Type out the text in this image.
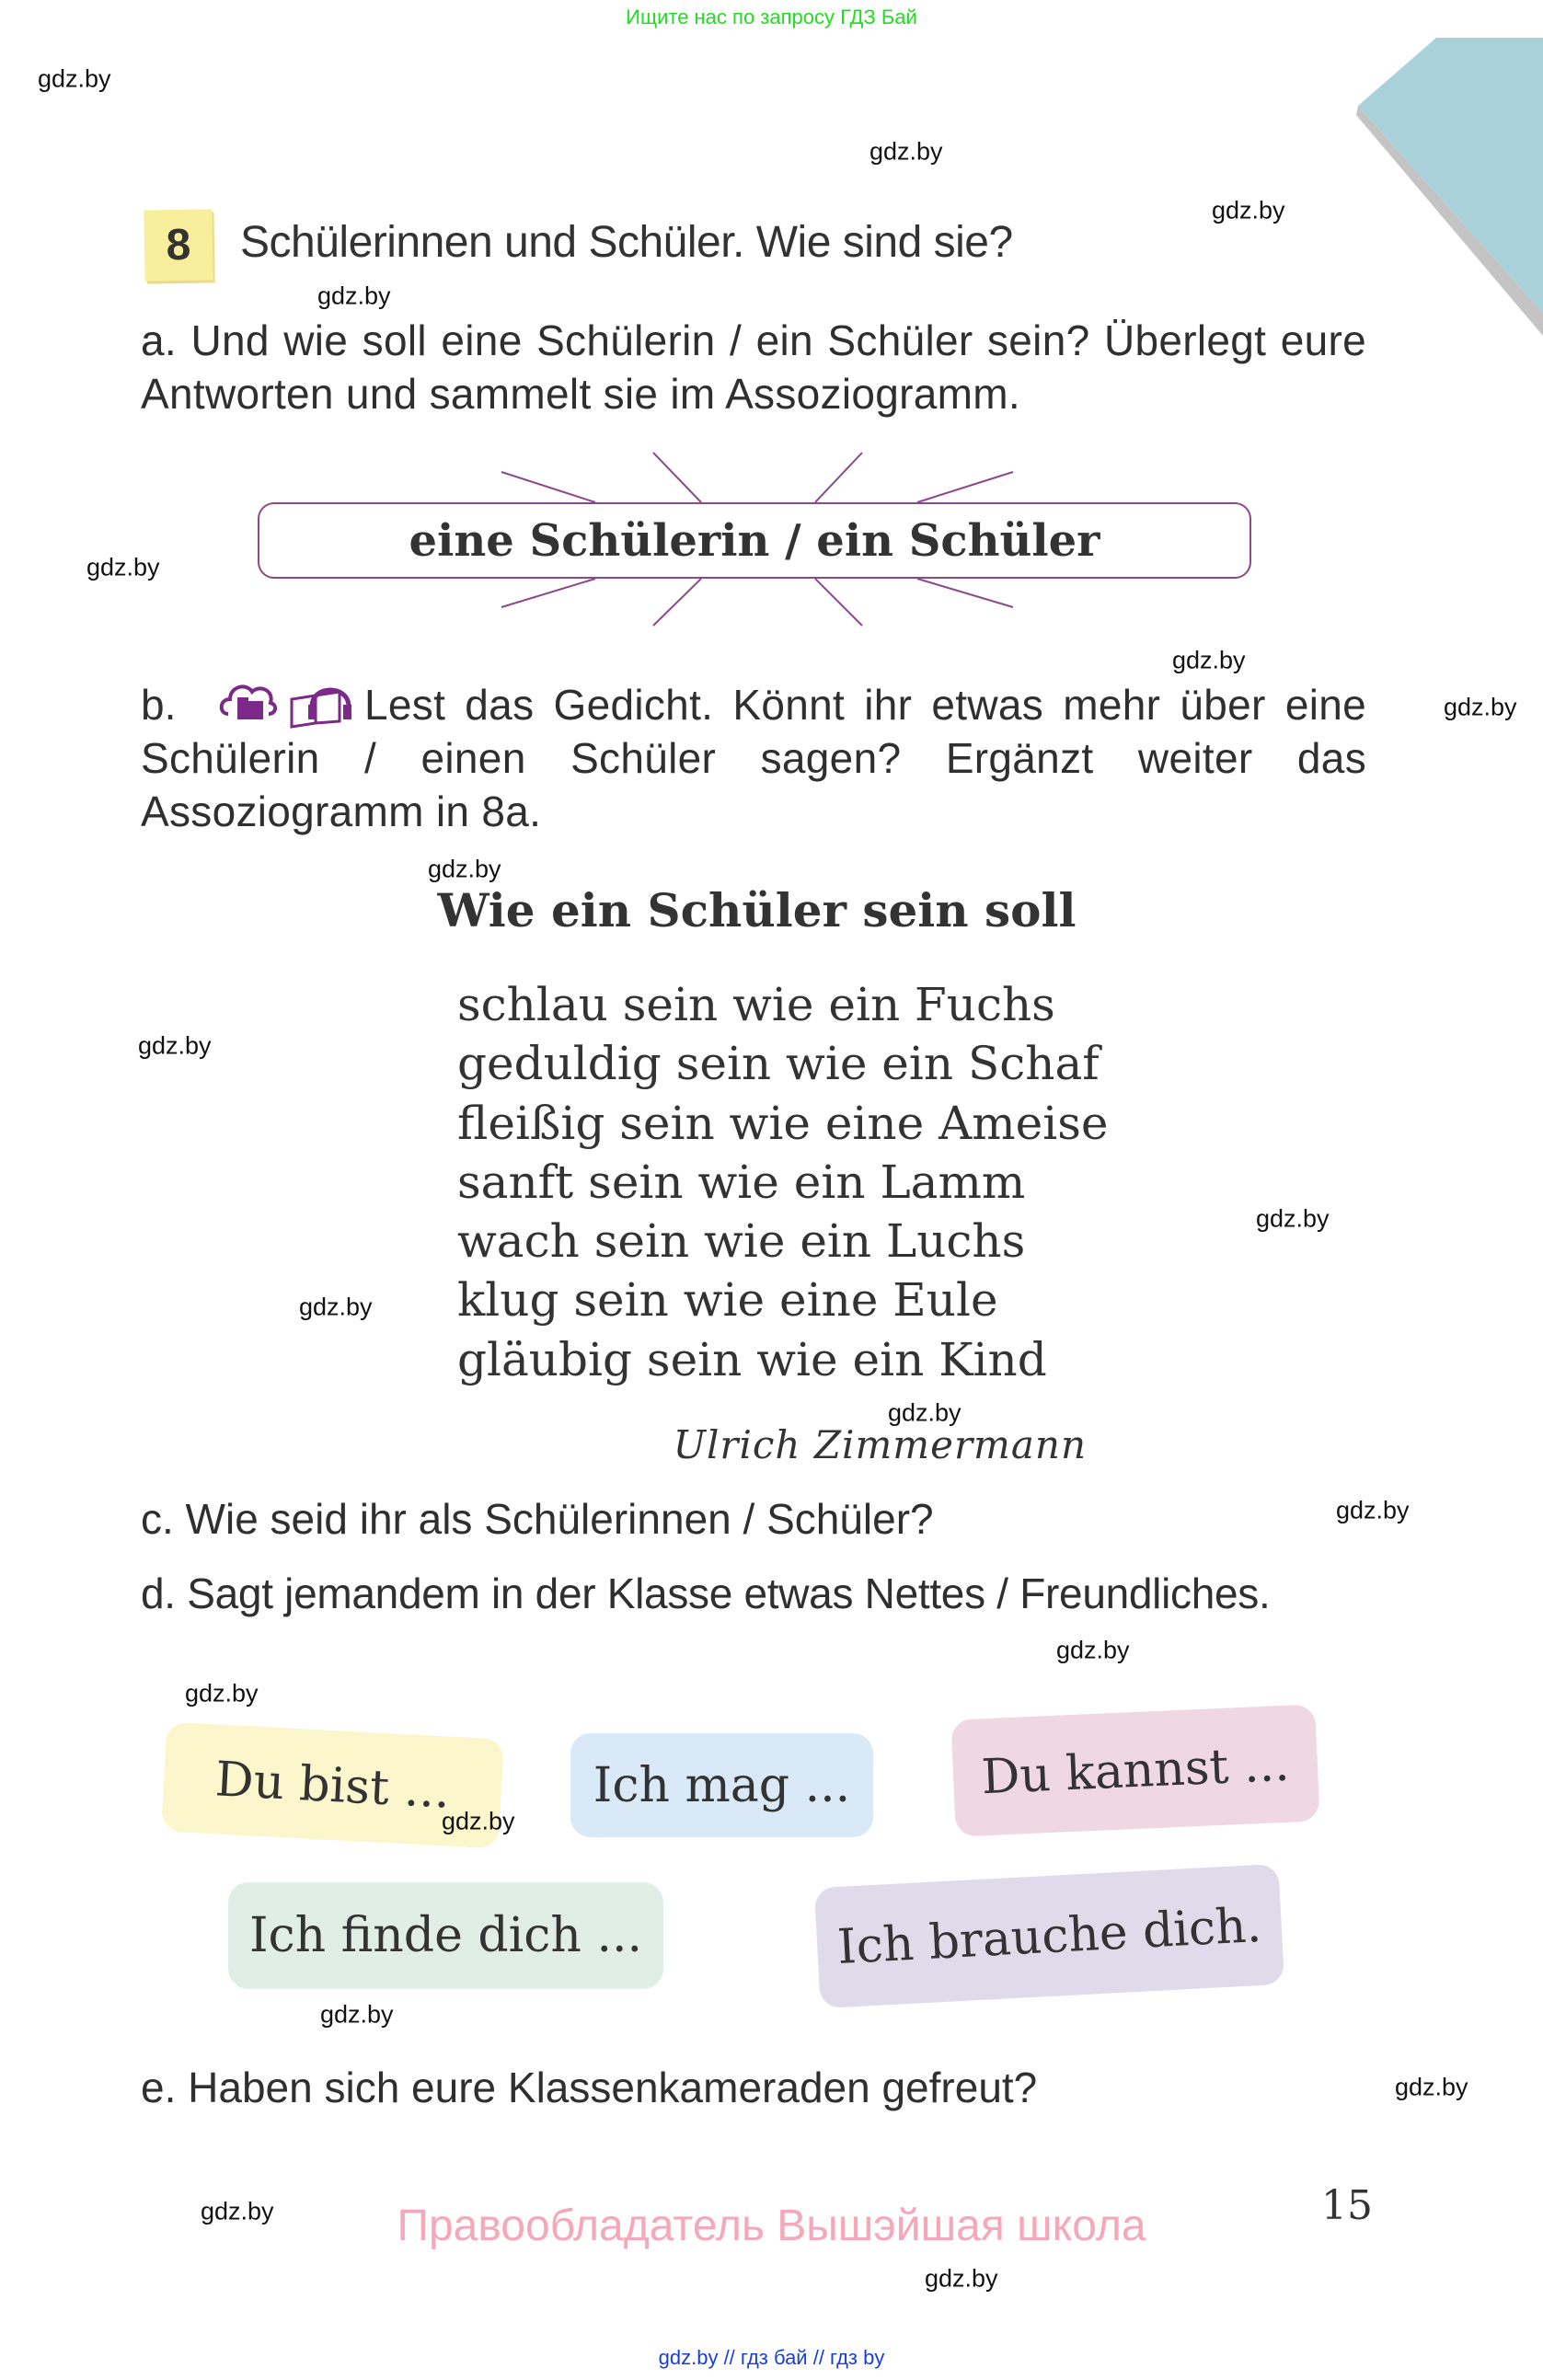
Ищите нас по запросу ГДЗ Бай
8	Schülerinnen und Schüler. Wie sind sie?
a. Und wie soll eine Schülerin / ein Schüler sein? Überlegt eure Antworten und sammelt sie im Assoziogramm.
eine Schülerin / ein Schüler
Lest das Gedicht. Könnt ihr etwas mehr über eine Schülerin / einen Schüler sagen? Ergänzt weiter das Assoziogramm in 8a.
b.
Wie ein Schüler sein soll
schlau sein wie ein Fuchs
geduldig sein wie ein Schaf
fleißig sein wie eine Ameise
sanft sein wie ein Lamm
wach sein wie ein Luchs
klug sein wie eine Eule
gläubig sein wie ein Kind
Ulrich Zimmermann
c. Wie seid ihr als Schülerinnen / Schüler?
d. Sagt jemandem in der Klasse etwas Nettes / Freundliches.
Du bist ...	Ich mag ...	Du kannst ...
Ich finde dich ...	Ich brauche dich.
e. Haben sich eure Klassenkameraden gefreut?
15
Правообладатель Вышэйшая школа
gdz.by // гдз бай // гдз by
gdz.by
gdz.by
gdz.by
gdz.by
gdz.by
gdz.by
gdz.by
gdz.by
gdz.by
gdz.by
gdz.by
gdz.by
gdz.by
gdz.by
gdz.by
gdz.by
gdz.by
gdz.by
gdz.by
gdz.by
